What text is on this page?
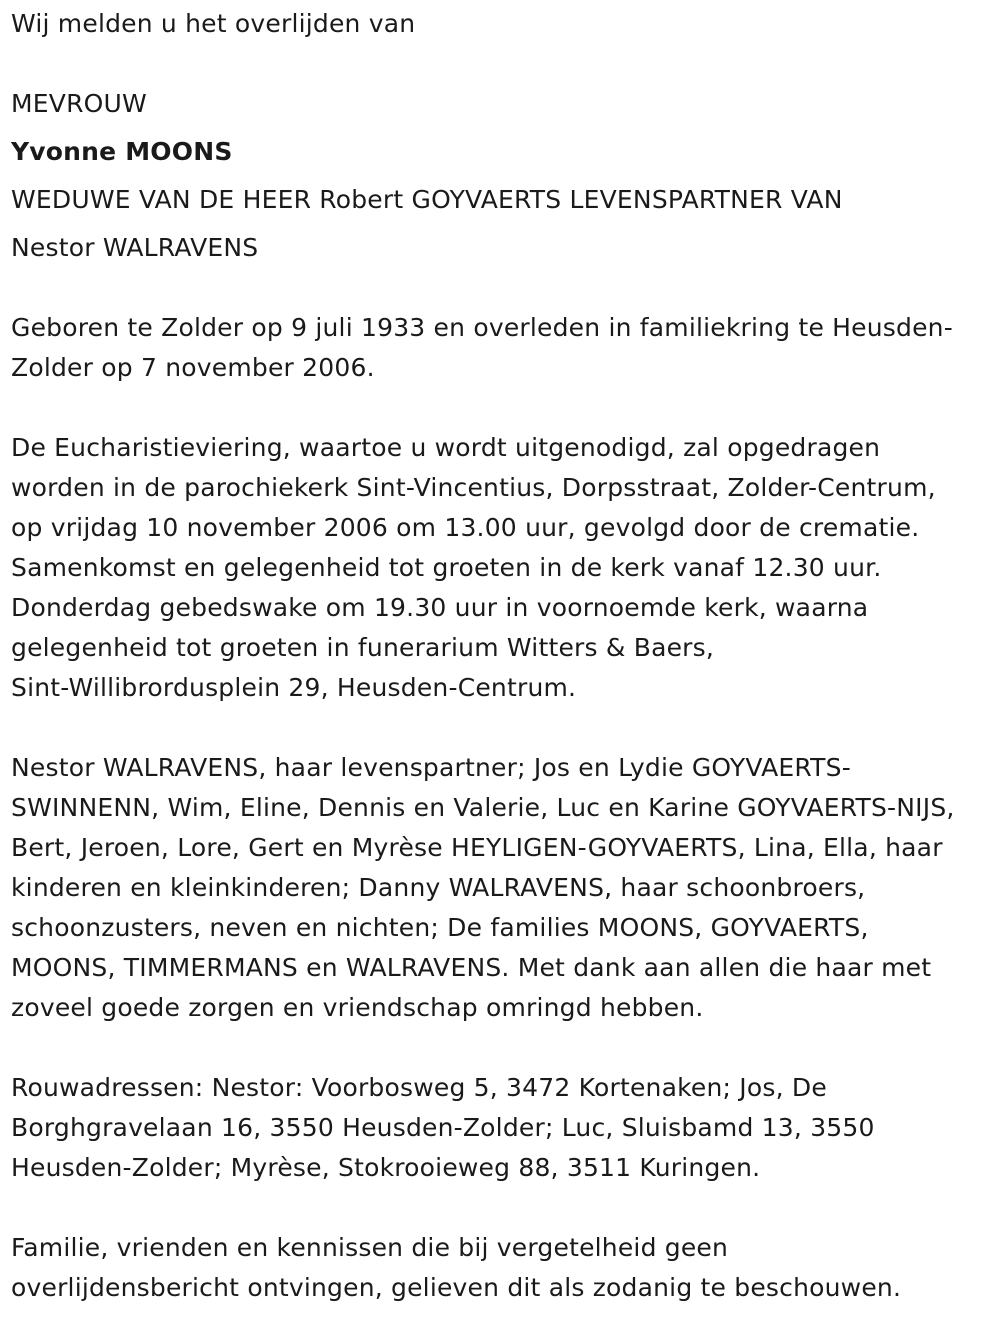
Wij melden u het overlijden van
MEVROUW
Yvonne MOONS
WEDUWE VAN DE HEER Robert GOYVAERTS LEVENSPARTNER VAN
Nestor WALRAVENS
Geboren te Zolder op 9 juli 1933 en overleden in familiekring te Heusden-
Zolder op 7 november 2006.
De Eucharistieviering, waartoe u wordt uitgenodigd, zal opgedragen
worden in de parochiekerk Sint-Vincentius, Dorpsstraat, Zolder-Centrum,
op vrijdag 10 november 2006 om 13.00 uur, gevolgd door de crematie.
Samenkomst en gelegenheid tot groeten in de kerk vanaf 12.30 uur.
Donderdag gebedswake om 19.30 uur in voornoemde kerk, waarna
gelegenheid tot groeten in funerarium Witters & Baers,
Sint-Willibrordusplein 29, Heusden-Centrum.
Nestor WALRAVENS, haar levenspartner; Jos en Lydie GOYVAERTS-
SWINNENN, Wim, Eline, Dennis en Valerie, Luc en Karine GOYVAERTS-NIJS,
Bert, Jeroen, Lore, Gert en Myrèse HEYLIGEN-GOYVAERTS, Lina, Ella, haar
kinderen en kleinkinderen; Danny WALRAVENS, haar schoonbroers,
schoonzusters, neven en nichten; De families MOONS, GOYVAERTS,
MOONS, TIMMERMANS en WALRAVENS. Met dank aan allen die haar met
zoveel goede zorgen en vriendschap omringd hebben.
Rouwadressen: Nestor: Voorbosweg 5, 3472 Kortenaken; Jos, De
Borghgravelaan 16, 3550 Heusden-Zolder; Luc, Sluisbamd 13, 3550
Heusden-Zolder; Myrèse, Stokrooieweg 88, 3511 Kuringen.
Familie, vrienden en kennissen die bij vergetelheid geen
overlijdensbericht ontvingen, gelieven dit als zodanig te beschouwen.
